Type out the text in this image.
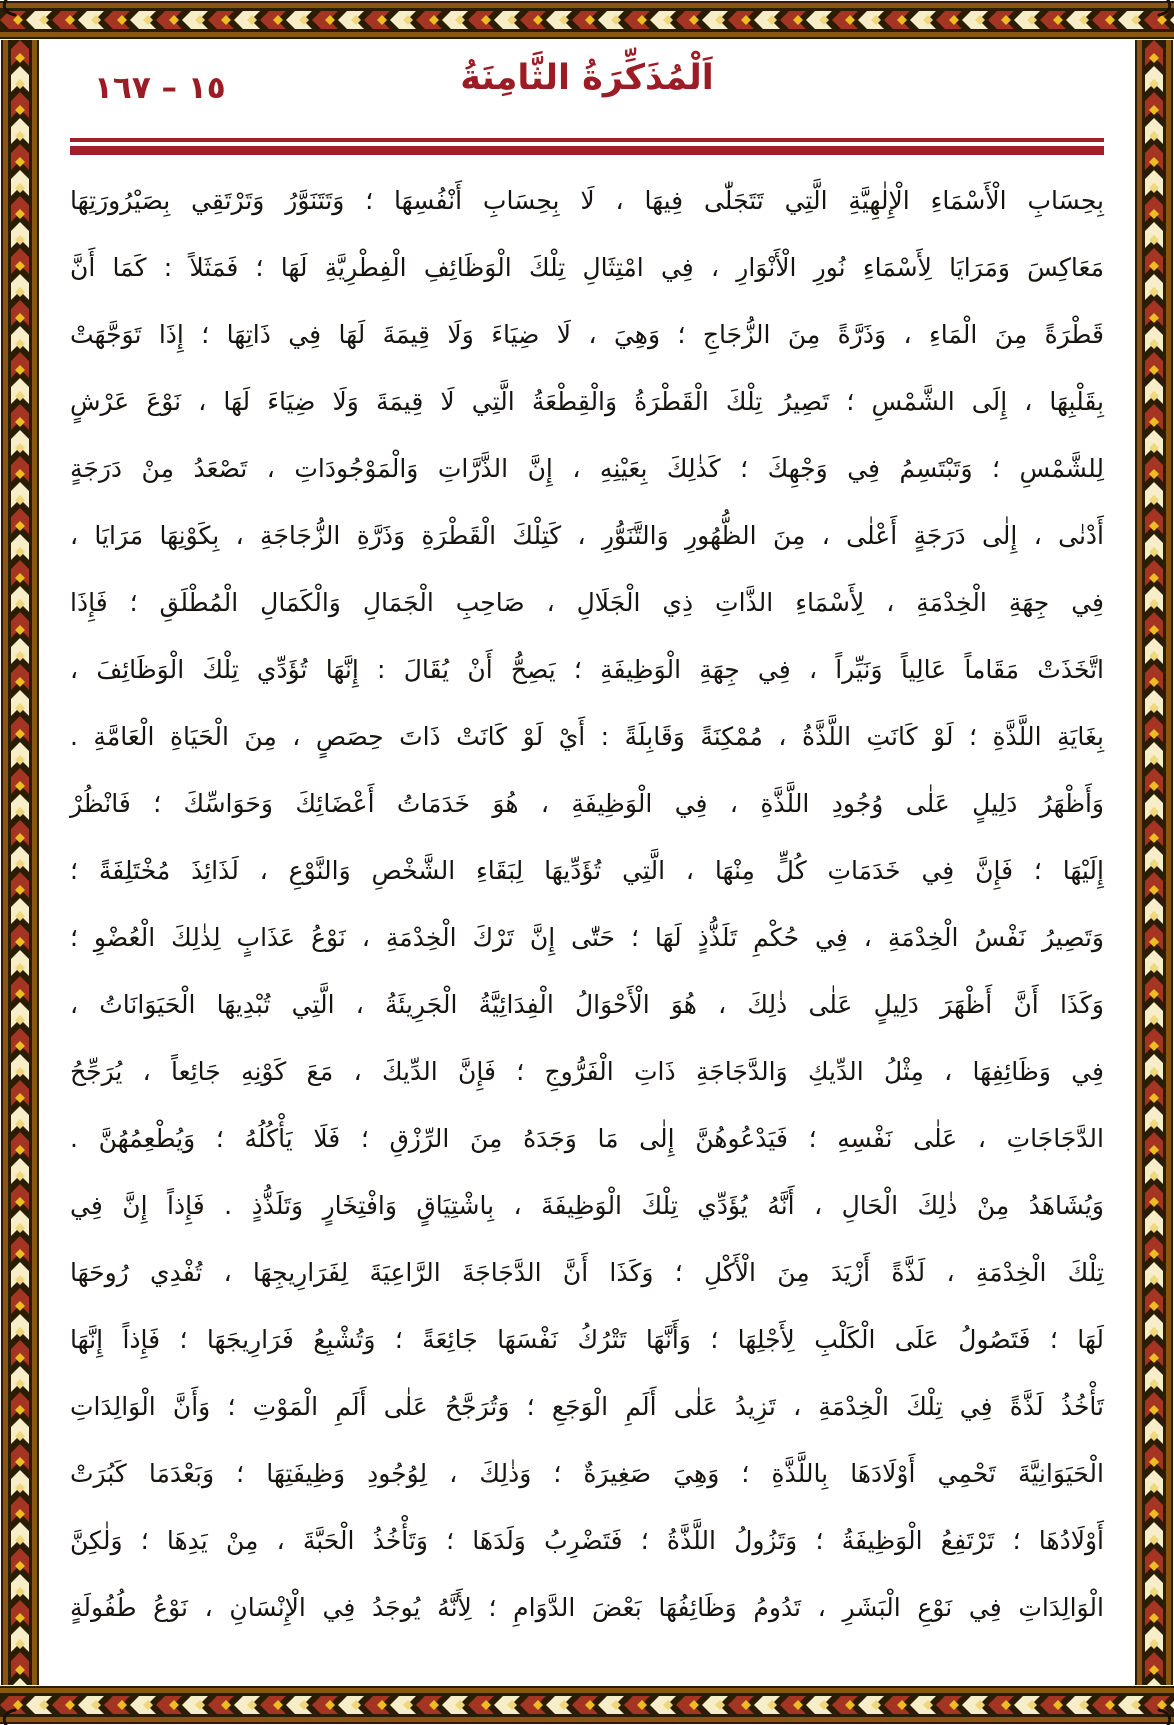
١٥ – ١٦٧	اَلْمُذَكِّرَةُ الثَّامِنَةُ
بِحِسَابِ الْأَسْمَاءِ الْإِلٰهِيَّةِ الَّتِي تَتَجَلّٰى فِيهَا ، لَا بِحِسَابِ أَنْفُسِهَا ؛ وَتَتَنَوَّرُ وَتَرْتَقِي بِصَيْرُورَتِهَا
مَعَاكِسَ وَمَرَايَا لِأَسْمَاءِ نُورِ الْأَنْوَارِ ، فِي امْتِثَالِ تِلْكَ الْوَظَائِفِ الْفِطْرِيَّةِ لَهَا ؛ فَمَثَلاً : كَمَا أَنَّ
قَطْرَةً مِنَ الْمَاءِ ، وَذَرَّةً مِنَ الزُّجَاجِ ؛ وَهِيَ ، لَا ضِيَاءَ وَلَا قِيمَةَ لَهَا فِي ذَاتِهَا ؛ إِذَا تَوَجَّهَتْ
بِقَلْبِهَا ، إِلَى الشَّمْسِ ؛ تَصِيرُ تِلْكَ الْقَطْرَةُ وَالْقِطْعَةُ الَّتِي لَا قِيمَةَ وَلَا ضِيَاءَ لَهَا ، نَوْعَ عَرْشٍ
لِلشَّمْسِ ؛ وَتَبْتَسِمُ فِي وَجْهِكَ ؛ كَذٰلِكَ بِعَيْنِهِ ، إِنَّ الذَّرَّاتِ وَالْمَوْجُودَاتِ ، تَصْعَدُ مِنْ دَرَجَةٍ
أَدْنٰى ، إِلٰى دَرَجَةٍ أَعْلٰى ، مِنَ الظُّهُورِ وَالتَّنَوُّرِ ، كَتِلْكَ الْقَطْرَةِ وَذَرَّةِ الزُّجَاجَةِ ، بِكَوْنِهَا مَرَايَا ،
فِي جِهَةِ الْخِدْمَةِ ، لِأَسْمَاءِ الذَّاتِ ذِي الْجَلَالِ ، صَاحِبِ الْجَمَالِ وَالْكَمَالِ الْمُطْلَقِ ؛ فَإِذَا
اتَّخَذَتْ مَقَاماً عَالِياً وَنَيِّراً ، فِي جِهَةِ الْوَظِيفَةِ ؛ يَصِحُّ أَنْ يُقَالَ : إِنَّهَا تُؤَدِّي تِلْكَ الْوَظَائِفَ ،
بِغَايَةِ اللَّذَّةِ ؛ لَوْ كَانَتِ اللَّذَّةُ ، مُمْكِنَةً وَقَابِلَةً : أَيْ لَوْ كَانَتْ ذَاتَ حِصَصٍ ، مِنَ الْحَيَاةِ الْعَامَّةِ .
وَأَظْهَرُ دَلِيلٍ عَلٰى وُجُودِ اللَّذَّةِ ، فِي الْوَظِيفَةِ ، هُوَ خَدَمَاتُ أَعْضَائِكَ وَحَوَاسِّكَ ؛ فَانْظُرْ
إِلَيْهَا ؛ فَإِنَّ فِي خَدَمَاتِ كُلٍّ مِنْهَا ، الَّتِي تُؤَدِّيهَا لِبَقَاءِ الشَّخْصِ وَالنَّوْعِ ، لَذَائِذَ مُخْتَلِفَةً ؛
وَتَصِيرُ نَفْسُ الْخِدْمَةِ ، فِي حُكْمِ تَلَذُّذٍ لَهَا ؛ حَتّٰى إِنَّ تَرْكَ الْخِدْمَةِ ، نَوْعُ عَذَابٍ لِذٰلِكَ الْعُضْوِ ؛
وَكَذَا أَنَّ أَظْهَرَ دَلِيلٍ عَلٰى ذٰلِكَ ، هُوَ الْأَحْوَالُ الْفِدَائِيَّةُ الْجَرِيئَةُ ، الَّتِي تُبْدِيهَا الْحَيَوَانَاتُ ،
فِي وَظَائِفِهَا ، مِثْلُ الدِّيكِ وَالدَّجَاجَةِ ذَاتِ الْفَرُّوجِ ؛ فَإِنَّ الدِّيكَ ، مَعَ كَوْنِهِ جَائِعاً ، يُرَجِّحُ
الدَّجَاجَاتِ ، عَلٰى نَفْسِهِ ؛ فَيَدْعُوهُنَّ إِلٰى مَا وَجَدَهُ مِنَ الرِّزْقِ ؛ فَلَا يَأْكُلُهُ ؛ وَيُطْعِمُهُنَّ .
وَيُشَاهَدُ مِنْ ذٰلِكَ الْحَالِ ، أَنَّهُ يُؤَدِّي تِلْكَ الْوَظِيفَةَ ، بِاشْتِيَاقٍ وَافْتِخَارٍ وَتَلَذُّذٍ . فَإِذاً إِنَّ فِي
تِلْكَ الْخِدْمَةِ ، لَذَّةً أَزْيَدَ مِنَ الْأَكْلِ ؛ وَكَذَا أَنَّ الدَّجَاجَةَ الرَّاعِيَةَ لِفَرَارِيجِهَا ، تُفْدِي رُوحَهَا
لَهَا ؛ فَتَصُولُ عَلَى الْكَلْبِ لِأَجْلِهَا ؛ وَأَنَّهَا تَتْرُكُ نَفْسَهَا جَائِعَةً ؛ وَتُشْبِعُ فَرَارِيجَهَا ؛ فَإِذاً إِنَّهَا
تَأْخُذُ لَذَّةً فِي تِلْكَ الْخِدْمَةِ ، تَزِيدُ عَلٰى أَلَمِ الْوَجَعِ ؛ وَتُرَجَّحُ عَلٰى أَلَمِ الْمَوْتِ ؛ وَأَنَّ الْوَالِدَاتِ
الْحَيَوَانِيَّةَ تَحْمِي أَوْلَادَهَا بِاللَّذَّةِ ؛ وَهِيَ صَغِيرَةٌ ؛ وَذٰلِكَ ، لِوُجُودِ وَظِيفَتِهَا ؛ وَبَعْدَمَا كَبُرَتْ
أَوْلَادُهَا ؛ تَرْتَفِعُ الْوَظِيفَةُ ؛ وَتَزُولُ اللَّذَّةُ ؛ فَتَضْرِبُ وَلَدَهَا ؛ وَتَأْخُذُ الْحَبَّةَ ، مِنْ يَدِهَا ؛ وَلٰكِنَّ
الْوَالِدَاتِ فِي نَوْعِ الْبَشَرِ ، تَدُومُ وَظَائِفُهَا بَعْضَ الدَّوَامِ ؛ لِأَنَّهُ يُوجَدُ فِي الْإِنْسَانِ ، نَوْعُ طُفُولَةٍ
